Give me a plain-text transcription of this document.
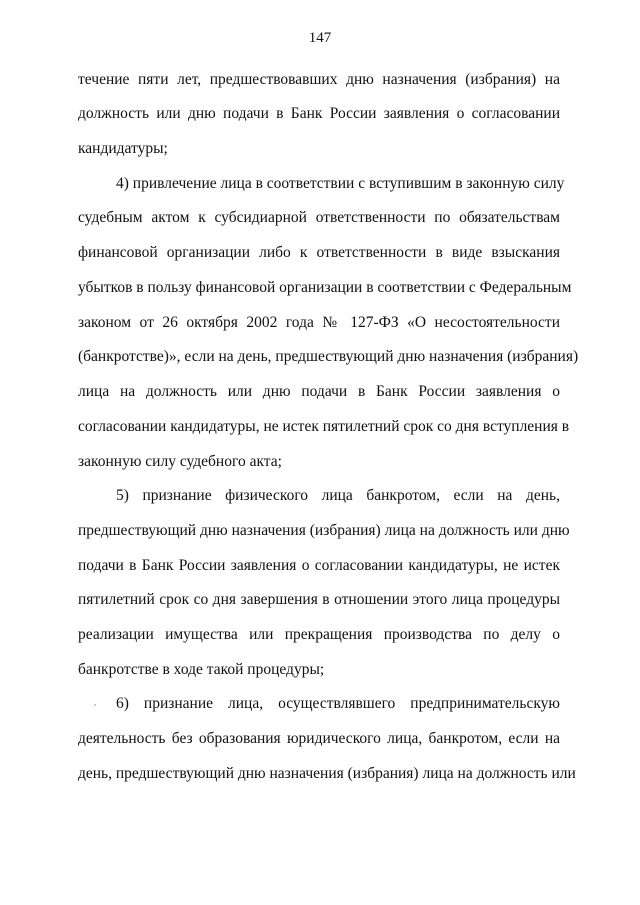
147
течение пяти лет, предшествовавших дню назначения (избрания) на
должность или дню подачи в Банк России заявления о согласовании
кандидатуры;
4) привлечение лица в соответствии с вступившим в законную силу
судебным актом к субсидиарной ответственности по обязательствам
финансовой организации либо к ответственности в виде взыскания
убытков в пользу финансовой организации в соответствии с Федеральным
законом от 26 октября 2002 года № 127-ФЗ «О несостоятельности
(банкротстве)», если на день, предшествующий дню назначения (избрания)
лица на должность или дню подачи в Банк России заявления о
согласовании кандидатуры, не истек пятилетний срок со дня вступления в
законную силу судебного акта;
5) признание физического лица банкротом, если на день,
предшествующий дню назначения (избрания) лица на должность или дню
подачи в Банк России заявления о согласовании кандидатуры, не истек
пятилетний срок со дня завершения в отношении этого лица процедуры
реализации имущества или прекращения производства по делу о
банкротстве в ходе такой процедуры;
6) признание лица, осуществлявшего предпринимательскую
деятельность без образования юридического лица, банкротом, если на
день, предшествующий дню назначения (избрания) лица на должность или
